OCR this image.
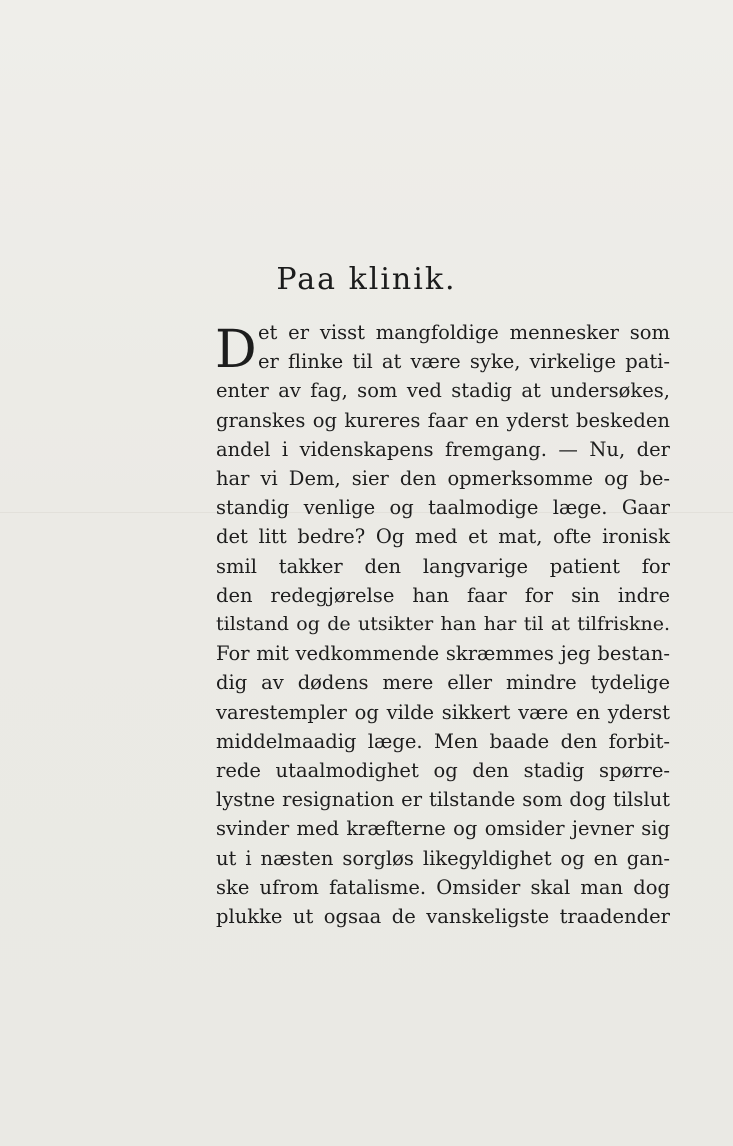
Paa klinik.
D et er visst mangfoldige mennesker som
er flinke til at være syke, virkelige pati-
enter av fag, som ved stadig at undersøkes,
granskes og kureres faar en yderst beskeden
andel i videnskapens fremgang. — Nu, der
har vi Dem, sier den opmerksomme og be-
standig venlige og taalmodige læge. Gaar
det litt bedre? Og med et mat, ofte ironisk
smil takker den langvarige patient for
den redegjørelse han faar for sin indre
tilstand og de utsikter han har til at tilfriskne.
For mit vedkommende skræmmes jeg bestan-
dig av dødens mere eller mindre tydelige
varestempler og vilde sikkert være en yderst
middelmaadig læge. Men baade den forbit-
rede utaalmodighet og den stadig spørre-
lystne resignation er tilstande som dog tilslut
svinder med kræfterne og omsider jevner sig
ut i næsten sorgløs likegyldighet og en gan-
ske ufrom fatalisme. Omsider skal man dog
plukke ut ogsaa de vanskeligste traadender
